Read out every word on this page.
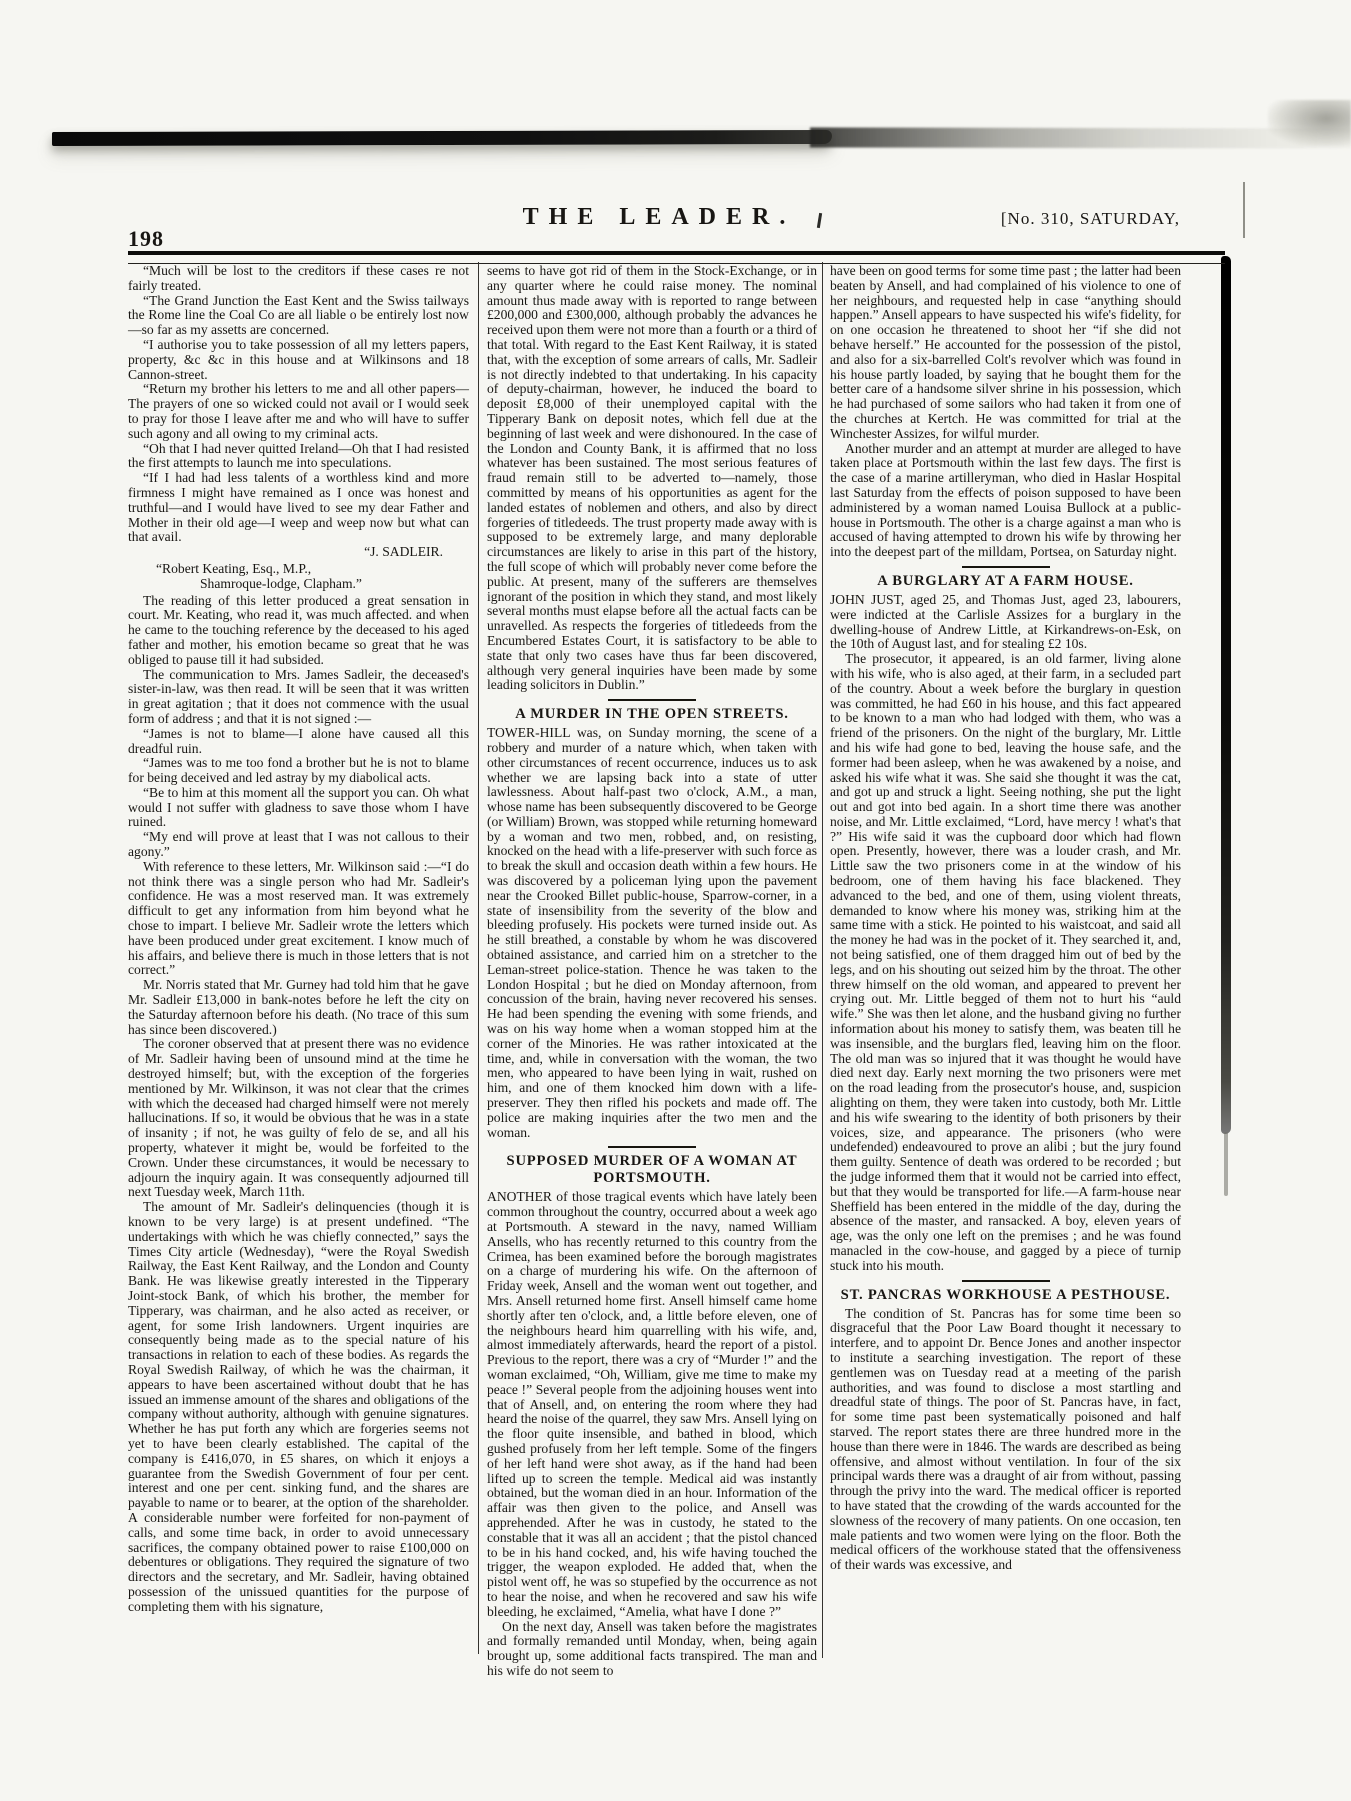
198
THE LEADER.	[No. 310, SATURDAY,

“Much will be lost to the creditors if these cases re not fairly treated.

“The Grand Junction the East Kent and the Swiss tailways the Rome line the Coal Co are all liable o be entirely lost now—so far as my assetts are concerned.

“I authorise you to take possession of all my letters papers, property, &c &c in this house and at Wilkinsons and 18 Cannon-street.

“Return my brother his letters to me and all other papers—The prayers of one so wicked could not avail or I would seek to pray for those I leave after me and who will have to suffer such agony and all owing to my criminal acts.

“Oh that I had never quitted Ireland—Oh that I had resisted the first attempts to launch me into speculations.

“If I had had less talents of a worthless kind and more firmness I might have remained as I once was honest and truthful—and I would have lived to see my dear Father and Mother in their old age—I weep and weep now but what can that avail.

“J. SADLEIR.

“Robert Keating, Esq., M.P.,

Shamroque-lodge, Clapham.”

The reading of this letter produced a great sensation in court. Mr. Keating, who read it, was much affected. and when he came to the touching reference by the deceased to his aged father and mother, his emotion became so great that he was obliged to pause till it had subsided.

The communication to Mrs. James Sadleir, the deceased's sister-in-law, was then read. It will be seen that it was written in great agitation ; that it does not commence with the usual form of address ; and that it is not signed :—

“James is not to blame—I alone have caused all this dreadful ruin.

“James was to me too fond a brother but he is not to blame for being deceived and led astray by my diabolical acts.

“Be to him at this moment all the support you can. Oh what would I not suffer with gladness to save those whom I have ruined.

“My end will prove at least that I was not callous to their agony.”

With reference to these letters, Mr. Wilkinson said :—“I do not think there was a single person who had Mr. Sadleir's confidence. He was a most reserved man. It was extremely difficult to get any information from him beyond what he chose to impart. I believe Mr. Sadleir wrote the letters which have been produced under great excitement. I know much of his affairs, and believe there is much in those letters that is not correct.”

Mr. Norris stated that Mr. Gurney had told him that he gave Mr. Sadleir £13,000 in bank-notes before he left the city on the Saturday afternoon before his death. (No trace of this sum has since been discovered.)

The coroner observed that at present there was no evidence of Mr. Sadleir having been of unsound mind at the time he destroyed himself; but, with the exception of the forgeries mentioned by Mr. Wilkinson, it was not clear that the crimes with which the deceased had charged himself were not merely hallucinations. If so, it would be obvious that he was in a state of insanity ; if not, he was guilty of felo de se, and all his property, whatever it might be, would be forfeited to the Crown. Under these circumstances, it would be necessary to adjourn the inquiry again. It was consequently adjourned till next Tuesday week, March 11th.

The amount of Mr. Sadleir's delinquencies (though it is known to be very large) is at present undefined. “The undertakings with which he was chiefly connected,” says the Times City article (Wednesday), “were the Royal Swedish Railway, the East Kent Railway, and the London and County Bank. He was likewise greatly interested in the Tipperary Joint-stock Bank, of which his brother, the member for Tipperary, was chairman, and he also acted as receiver, or agent, for some Irish landowners. Urgent inquiries are consequently being made as to the special nature of his transactions in relation to each of these bodies. As regards the Royal Swedish Railway, of which he was the chairman, it appears to have been ascertained without doubt that he has issued an immense amount of the shares and obligations of the company without authority, although with genuine signatures. Whether he has put forth any which are forgeries seems not yet to have been clearly established. The capital of the company is £416,070, in £5 shares, on which it enjoys a guarantee from the Swedish Government of four per cent. interest and one per cent. sinking fund, and the shares are payable to name or to bearer, at the option of the shareholder. A considerable number were forfeited for non-payment of calls, and some time back, in order to avoid unnecessary sacrifices, the company obtained power to raise £100,000 on debentures or obligations. They required the signature of two directors and the secretary, and Mr. Sadleir, having obtained possession of the unissued quantities for the purpose of completing them with his signature,

seems to have got rid of them in the Stock-Exchange, or in any quarter where he could raise money. The nominal amount thus made away with is reported to range between £200,000 and £300,000, although probably the advances he received upon them were not more than a fourth or a third of that total. With regard to the East Kent Railway, it is stated that, with the exception of some arrears of calls, Mr. Sadleir is not directly indebted to that undertaking. In his capacity of deputy-chairman, however, he induced the board to deposit £8,000 of their unemployed capital with the Tipperary Bank on deposit notes, which fell due at the beginning of last week and were dishonoured. In the case of the London and County Bank, it is affirmed that no loss whatever has been sustained. The most serious features of fraud remain still to be adverted to—namely, those committed by means of his opportunities as agent for the landed estates of noblemen and others, and also by direct forgeries of titledeeds. The trust property made away with is supposed to be extremely large, and many deplorable circumstances are likely to arise in this part of the history, the full scope of which will probably never come before the public. At present, many of the sufferers are themselves ignorant of the position in which they stand, and most likely several months must elapse before all the actual facts can be unravelled. As respects the forgeries of titledeeds from the Encumbered Estates Court, it is satisfactory to be able to state that only two cases have thus far been discovered, although very general inquiries have been made by some leading solicitors in Dublin.”

A MURDER IN THE OPEN STREETS.

TOWER-HILL was, on Sunday morning, the scene of a robbery and murder of a nature which, when taken with other circumstances of recent occurrence, induces us to ask whether we are lapsing back into a state of utter lawlessness. About half-past two o'clock, A.M., a man, whose name has been subsequently discovered to be George (or William) Brown, was stopped while returning homeward by a woman and two men, robbed, and, on resisting, knocked on the head with a life-preserver with such force as to break the skull and occasion death within a few hours. He was discovered by a policeman lying upon the pavement near the Crooked Billet public-house, Sparrow-corner, in a state of insensibility from the severity of the blow and bleeding profusely. His pockets were turned inside out. As he still breathed, a constable by whom he was discovered obtained assistance, and carried him on a stretcher to the Leman-street police-station. Thence he was taken to the London Hospital ; but he died on Monday afternoon, from concussion of the brain, having never recovered his senses. He had been spending the evening with some friends, and was on his way home when a woman stopped him at the corner of the Minories. He was rather intoxicated at the time, and, while in conversation with the woman, the two men, who appeared to have been lying in wait, rushed on him, and one of them knocked him down with a life-preserver. They then rifled his pockets and made off. The police are making inquiries after the two men and the woman.

SUPPOSED MURDER OF A WOMAN AT PORTSMOUTH.

ANOTHER of those tragical events which have lately been common throughout the country, occurred about a week ago at Portsmouth. A steward in the navy, named William Ansells, who has recently returned to this country from the Crimea, has been examined before the borough magistrates on a charge of murdering his wife. On the afternoon of Friday week, Ansell and the woman went out together, and Mrs. Ansell returned home first. Ansell himself came home shortly after ten o'clock, and, a little before eleven, one of the neighbours heard him quarrelling with his wife, and, almost immediately afterwards, heard the report of a pistol. Previous to the report, there was a cry of “Murder !” and the woman exclaimed, “Oh, William, give me time to make my peace !” Several people from the adjoining houses went into that of Ansell, and, on entering the room where they had heard the noise of the quarrel, they saw Mrs. Ansell lying on the floor quite insensible, and bathed in blood, which gushed profusely from her left temple. Some of the fingers of her left hand were shot away, as if the hand had been lifted up to screen the temple. Medical aid was instantly obtained, but the woman died in an hour. Information of the affair was then given to the police, and Ansell was apprehended. After he was in custody, he stated to the constable that it was all an accident ; that the pistol chanced to be in his hand cocked, and, his wife having touched the trigger, the weapon exploded. He added that, when the pistol went off, he was so stupefied by the occurrence as not to hear the noise, and when he recovered and saw his wife bleeding, he exclaimed, “Amelia, what have I done ?”

On the next day, Ansell was taken before the magistrates and formally remanded until Monday, when, being again brought up, some additional facts transpired. The man and his wife do not seem to

have been on good terms for some time past ; the latter had been beaten by Ansell, and had complained of his violence to one of her neighbours, and requested help in case “anything should happen.” Ansell appears to have suspected his wife's fidelity, for on one occasion he threatened to shoot her “if she did not behave herself.” He accounted for the possession of the pistol, and also for a six-barrelled Colt's revolver which was found in his house partly loaded, by saying that he bought them for the better care of a handsome silver shrine in his possession, which he had purchased of some sailors who had taken it from one of the churches at Kertch. He was committed for trial at the Winchester Assizes, for wilful murder.

Another murder and an attempt at murder are alleged to have taken place at Portsmouth within the last few days. The first is the case of a marine artilleryman, who died in Haslar Hospital last Saturday from the effects of poison supposed to have been administered by a woman named Louisa Bullock at a public-house in Portsmouth. The other is a charge against a man who is accused of having attempted to drown his wife by throwing her into the deepest part of the milldam, Portsea, on Saturday night.

A BURGLARY AT A FARM HOUSE.

JOHN JUST, aged 25, and Thomas Just, aged 23, labourers, were indicted at the Carlisle Assizes for a burglary in the dwelling-house of Andrew Little, at Kirkandrews-on-Esk, on the 10th of August last, and for stealing £2 10s.

The prosecutor, it appeared, is an old farmer, living alone with his wife, who is also aged, at their farm, in a secluded part of the country. About a week before the burglary in question was committed, he had £60 in his house, and this fact appeared to be known to a man who had lodged with them, who was a friend of the prisoners. On the night of the burglary, Mr. Little and his wife had gone to bed, leaving the house safe, and the former had been asleep, when he was awakened by a noise, and asked his wife what it was. She said she thought it was the cat, and got up and struck a light. Seeing nothing, she put the light out and got into bed again. In a short time there was another noise, and Mr. Little exclaimed, “Lord, have mercy ! what's that ?” His wife said it was the cupboard door which had flown open. Presently, however, there was a louder crash, and Mr. Little saw the two prisoners come in at the window of his bedroom, one of them having his face blackened. They advanced to the bed, and one of them, using violent threats, demanded to know where his money was, striking him at the same time with a stick. He pointed to his waistcoat, and said all the money he had was in the pocket of it. They searched it, and, not being satisfied, one of them dragged him out of bed by the legs, and on his shouting out seized him by the throat. The other threw himself on the old woman, and appeared to prevent her crying out. Mr. Little begged of them not to hurt his “auld wife.” She was then let alone, and the husband giving no further information about his money to satisfy them, was beaten till he was insensible, and the burglars fled, leaving him on the floor. The old man was so injured that it was thought he would have died next day. Early next morning the two prisoners were met on the road leading from the prosecutor's house, and, suspicion alighting on them, they were taken into custody, both Mr. Little and his wife swearing to the identity of both prisoners by their voices, size, and appearance. The prisoners (who were undefended) endeavoured to prove an alibi ; but the jury found them guilty. Sentence of death was ordered to be recorded ; but the judge informed them that it would not be carried into effect, but that they would be transported for life.—A farm-house near Sheffield has been entered in the middle of the day, during the absence of the master, and ransacked. A boy, eleven years of age, was the only one left on the premises ; and he was found manacled in the cow-house, and gagged by a piece of turnip stuck into his mouth.

ST. PANCRAS WORKHOUSE A PESTHOUSE.

The condition of St. Pancras has for some time been so disgraceful that the Poor Law Board thought it necessary to interfere, and to appoint Dr. Bence Jones and another inspector to institute a searching investigation. The report of these gentlemen was on Tuesday read at a meeting of the parish authorities, and was found to disclose a most startling and dreadful state of things. The poor of St. Pancras have, in fact, for some time past been systematically poisoned and half starved. The report states there are three hundred more in the house than there were in 1846. The wards are described as being offensive, and almost without ventilation. In four of the six principal wards there was a draught of air from without, passing through the privy into the ward. The medical officer is reported to have stated that the crowding of the wards accounted for the slowness of the recovery of many patients. On one occasion, ten male patients and two women were lying on the floor. Both the medical officers of the workhouse stated that the offensiveness of their wards was excessive, and
